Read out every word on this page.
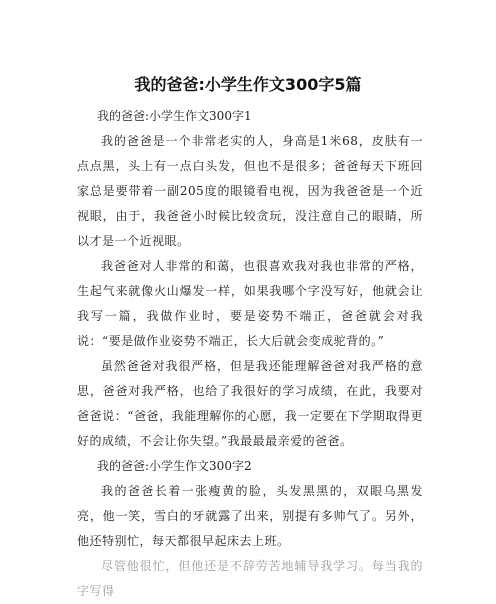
我的爸爸:小学生作文300字5篇

我的爸爸:小学生作文300字1

我的爸爸是一个非常老实的人，身高是1米68，皮肤有一点点黑，头上有一点白头发，但也不是很多；爸爸每天下班回家总是要带着一副205度的眼镜看电视，因为我爸爸是一个近视眼，由于，我爸爸小时候比较贪玩，没注意自己的眼睛，所以才是一个近视眼。

我爸爸对人非常的和蔼，也很喜欢我对我也非常的严格，生起气来就像火山爆发一样，如果我哪个字没写好，他就会让我写一篇，我做作业时，要是姿势不端正，爸爸就会对我说：“要是做作业姿势不端正，长大后就会变成驼背的。”

虽然爸爸对我很严格，但是我还能理解爸爸对我严格的意思，爸爸对我严格，也给了我很好的学习成绩，在此，我要对爸爸说：“爸爸，我能理解你的心愿，我一定要在下学期取得更好的成绩，不会让你失望。”我最最最亲爱的爸爸。

我的爸爸:小学生作文300字2

我的爸爸长着一张瘦黄的脸，头发黑黑的，双眼乌黑发亮，他一笑，雪白的牙就露了出来，别提有多帅气了。另外，他还特别忙，每天都很早起床去上班。

尽管他很忙，但他还是不辞劳苦地辅导我学习。每当我的字写得
